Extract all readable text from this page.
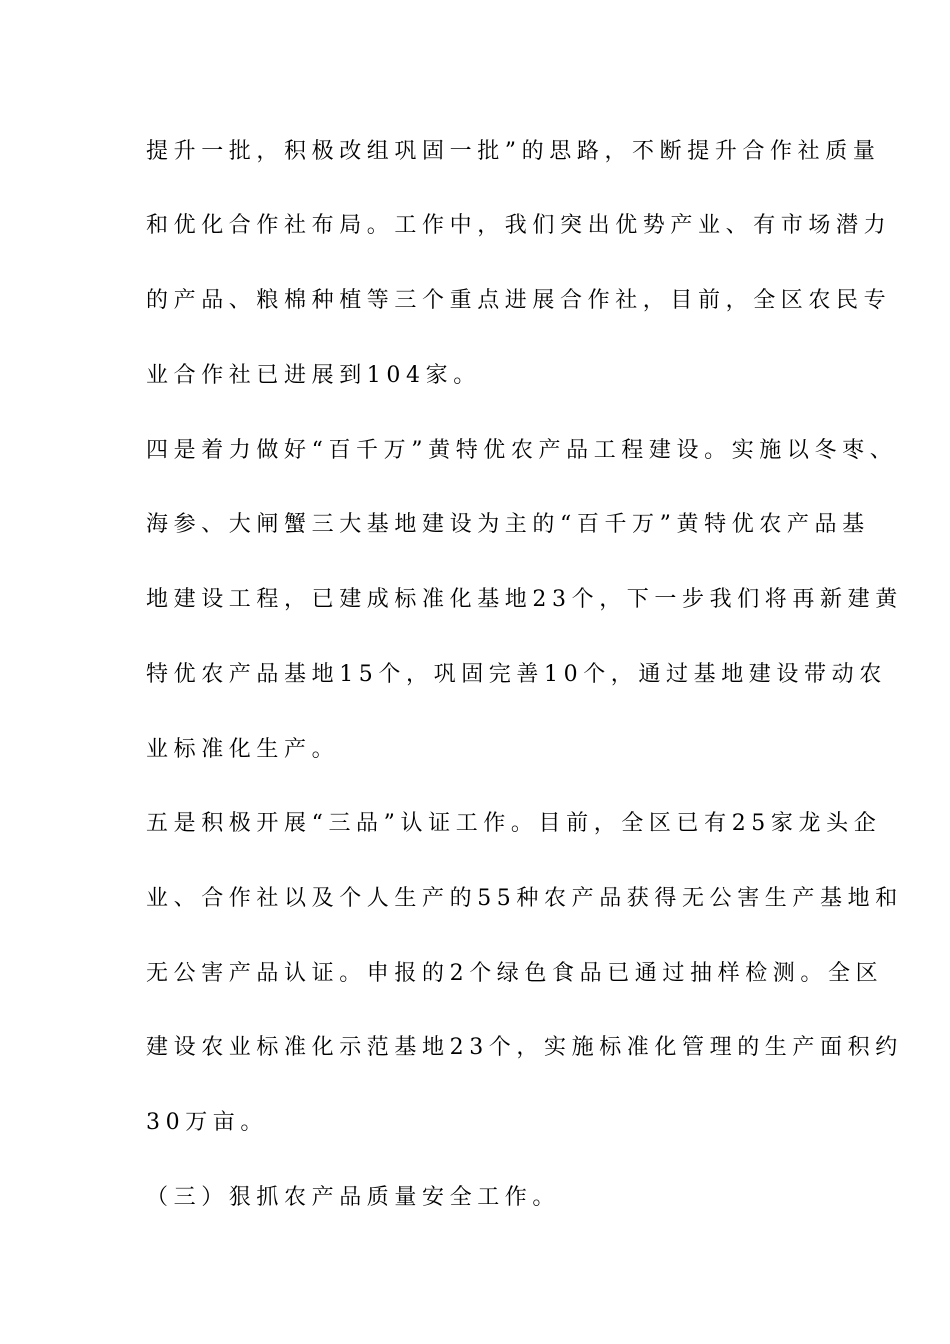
提升一批，积极改组巩固一批”的思路，不断提升合作社质量
和优化合作社布局。工作中，我们突出优势产业、有市场潜力
的产品、粮棉种植等三个重点进展合作社，目前，全区农民专
业合作社已进展到104家。
四是着力做好“百千万”黄特优农产品工程建设。实施以冬枣、
海参、大闸蟹三大基地建设为主的“百千万”黄特优农产品基
地建设工程，已建成标准化基地23个，下一步我们将再新建黄
特优农产品基地15个，巩固完善10个，通过基地建设带动农
业标准化生产。
五是积极开展“三品”认证工作。目前，全区已有25家龙头企
业、合作社以及个人生产的55种农产品获得无公害生产基地和
无公害产品认证。申报的2个绿色食品已通过抽样检测。全区
建设农业标准化示范基地23个，实施标准化管理的生产面积约
30万亩。
（三）狠抓农产品质量安全工作。
